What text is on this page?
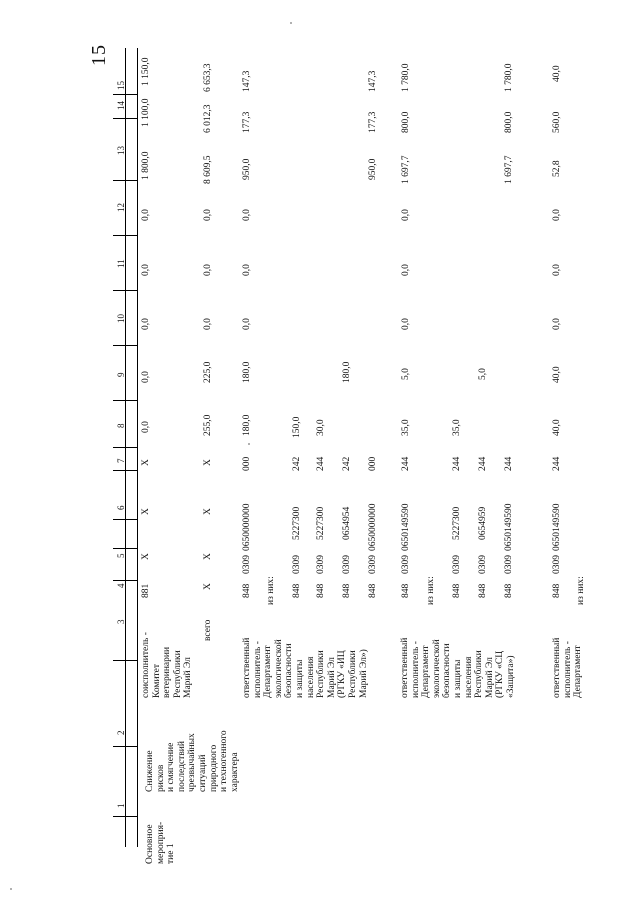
15
1
2
3
4
5
6
7
8
9
10
11
12
13
14
15
Основное мероприя-тие 1
Снижение рисков и смягчение последствий чрезвычайных ситуаций природного и техногенного характера
соисполнитель - Комитет ветеринарии Республики Марий Эл
881
X
X
X
0,0
0,0
0,0
0,0
0,0
1 800,0
1 100,0
1 150,0
всего
X
X
X
X
255,0
225,0
0,0
0,0
0,0
8 609,5
6 012,3
6 653,3
ответственный исполнитель - Департамент экологической безопасности и защиты населения Республики Марий Эл (РГКУ «ИЦ Республики Марий Эл»)
848
0309
0650000000
000
180,0
180,0
0,0
0,0
0,0
950,0
177,3
147,3
из них: 848
0309
5227300
242
150,0
848
0309
5227300
244
30,0
848
0309
0654954
242
180,0
848
0309
0650000000
000
950,0
177,3
147,3
ответственный исполнитель - Департамент экологической безопасности и защиты населения Республики Марий Эл (РГКУ «СЦ «Защита»)
848
0309
0650149590
244
35,0
5,0
0,0
0,0
0,0
1 697,7
800,0
1 780,0
из них: 848
0309
5227300
244
35,0
848
0309
0654959
244
5,0
848
0309
0650149590
244
1 697,7
800,0
1 780,0
ответственный исполнитель - Департамент
848
0309
0650149590
244
40,0
40,0
0,0
0,0
0,0
52,8
560,0
40,0
из них:
